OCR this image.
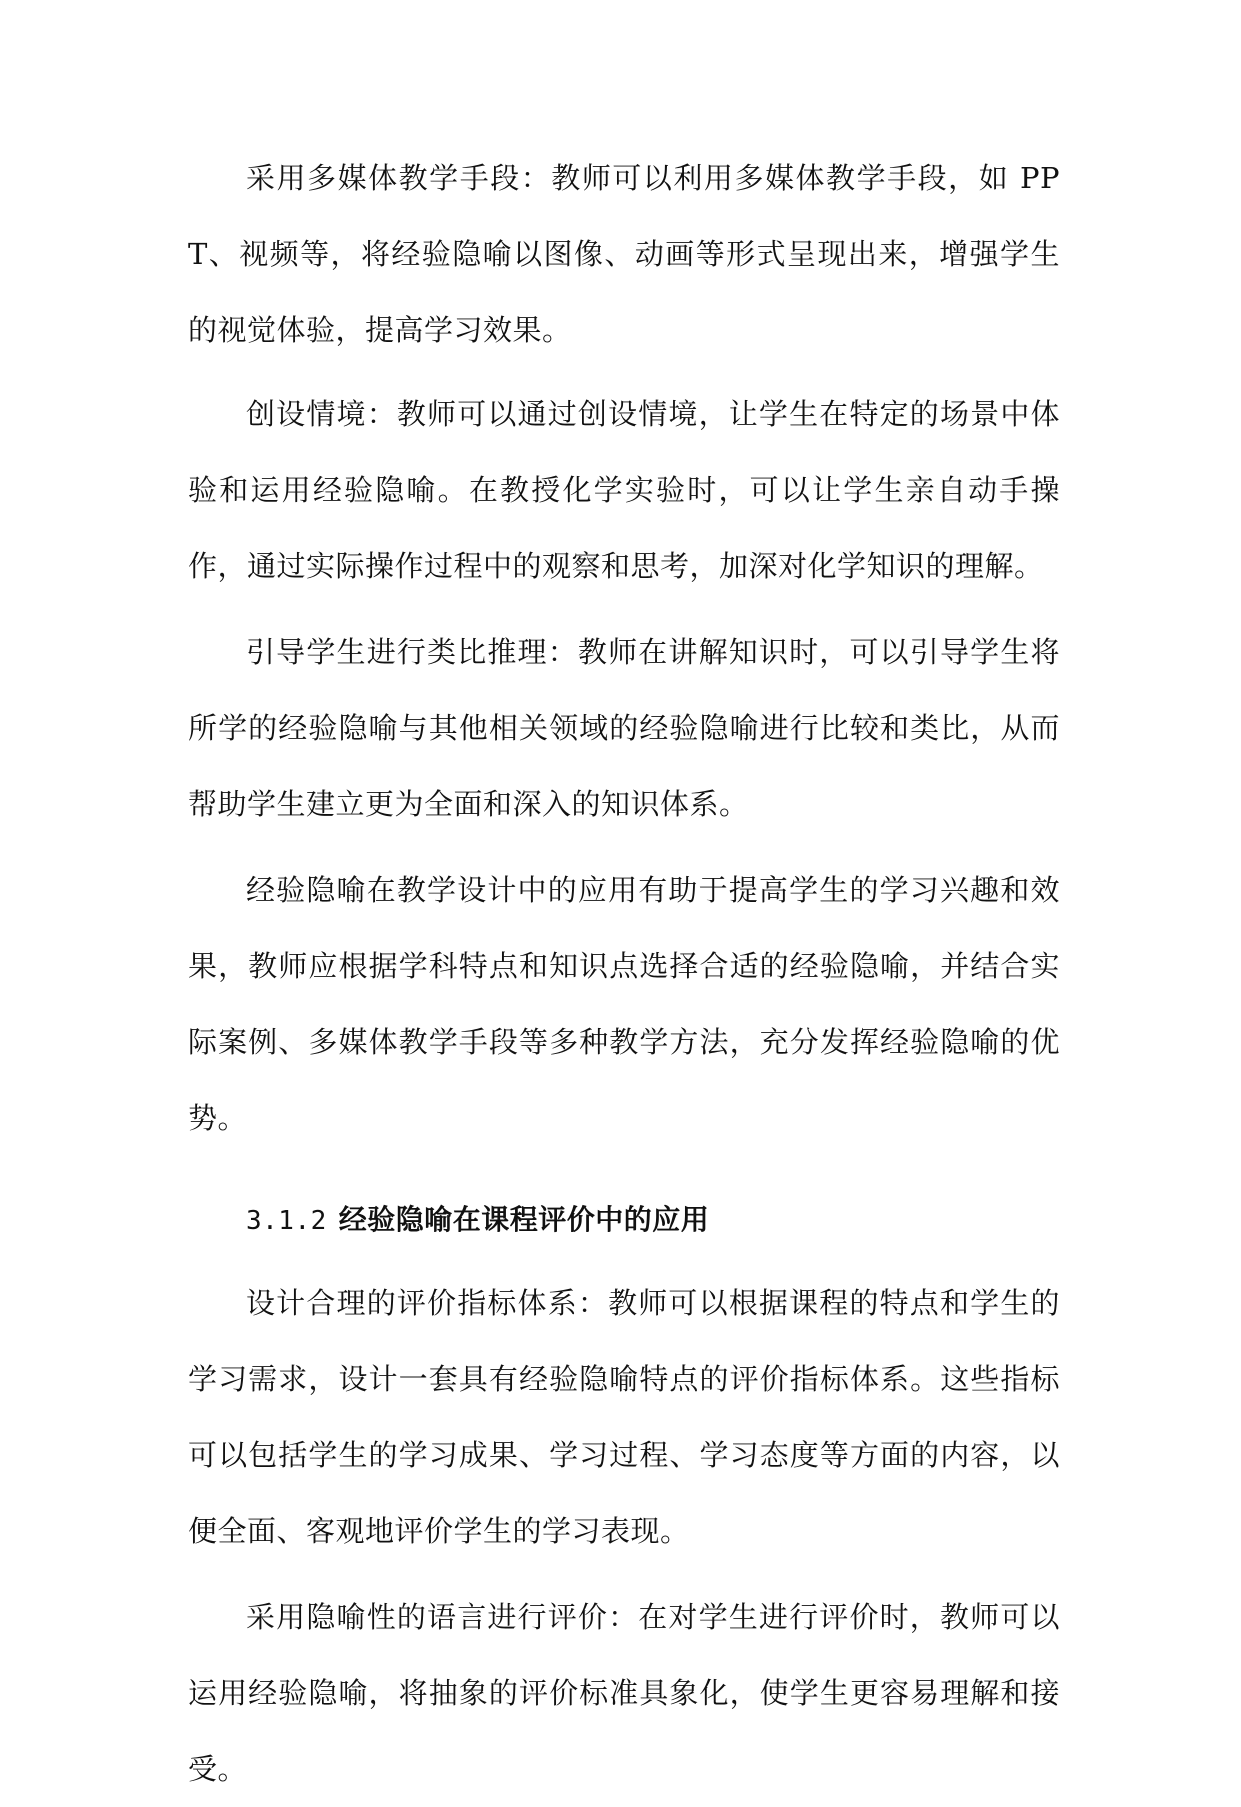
采用多媒体教学手段：教师可以利用多媒体教学手段，如 PPT、视频等，将经验隐喻以图像、动画等形式呈现出来，增强学生的视觉体验，提高学习效果。

创设情境：教师可以通过创设情境，让学生在特定的场景中体验和运用经验隐喻。在教授化学实验时，可以让学生亲自动手操作，通过实际操作过程中的观察和思考，加深对化学知识的理解。

引导学生进行类比推理：教师在讲解知识时，可以引导学生将所学的经验隐喻与其他相关领域的经验隐喻进行比较和类比，从而帮助学生建立更为全面和深入的知识体系。

经验隐喻在教学设计中的应用有助于提高学生的学习兴趣和效果，教师应根据学科特点和知识点选择合适的经验隐喻，并结合实际案例、多媒体教学手段等多种教学方法，充分发挥经验隐喻的优势。

3.1.2 经验隐喻在课程评价中的应用

设计合理的评价指标体系：教师可以根据课程的特点和学生的学习需求，设计一套具有经验隐喻特点的评价指标体系。这些指标可以包括学生的学习成果、学习过程、学习态度等方面的内容，以便全面、客观地评价学生的学习表现。

采用隐喻性的语言进行评价：在对学生进行评价时，教师可以运用经验隐喻，将抽象的评价标准具象化，使学生更容易理解和接受。
